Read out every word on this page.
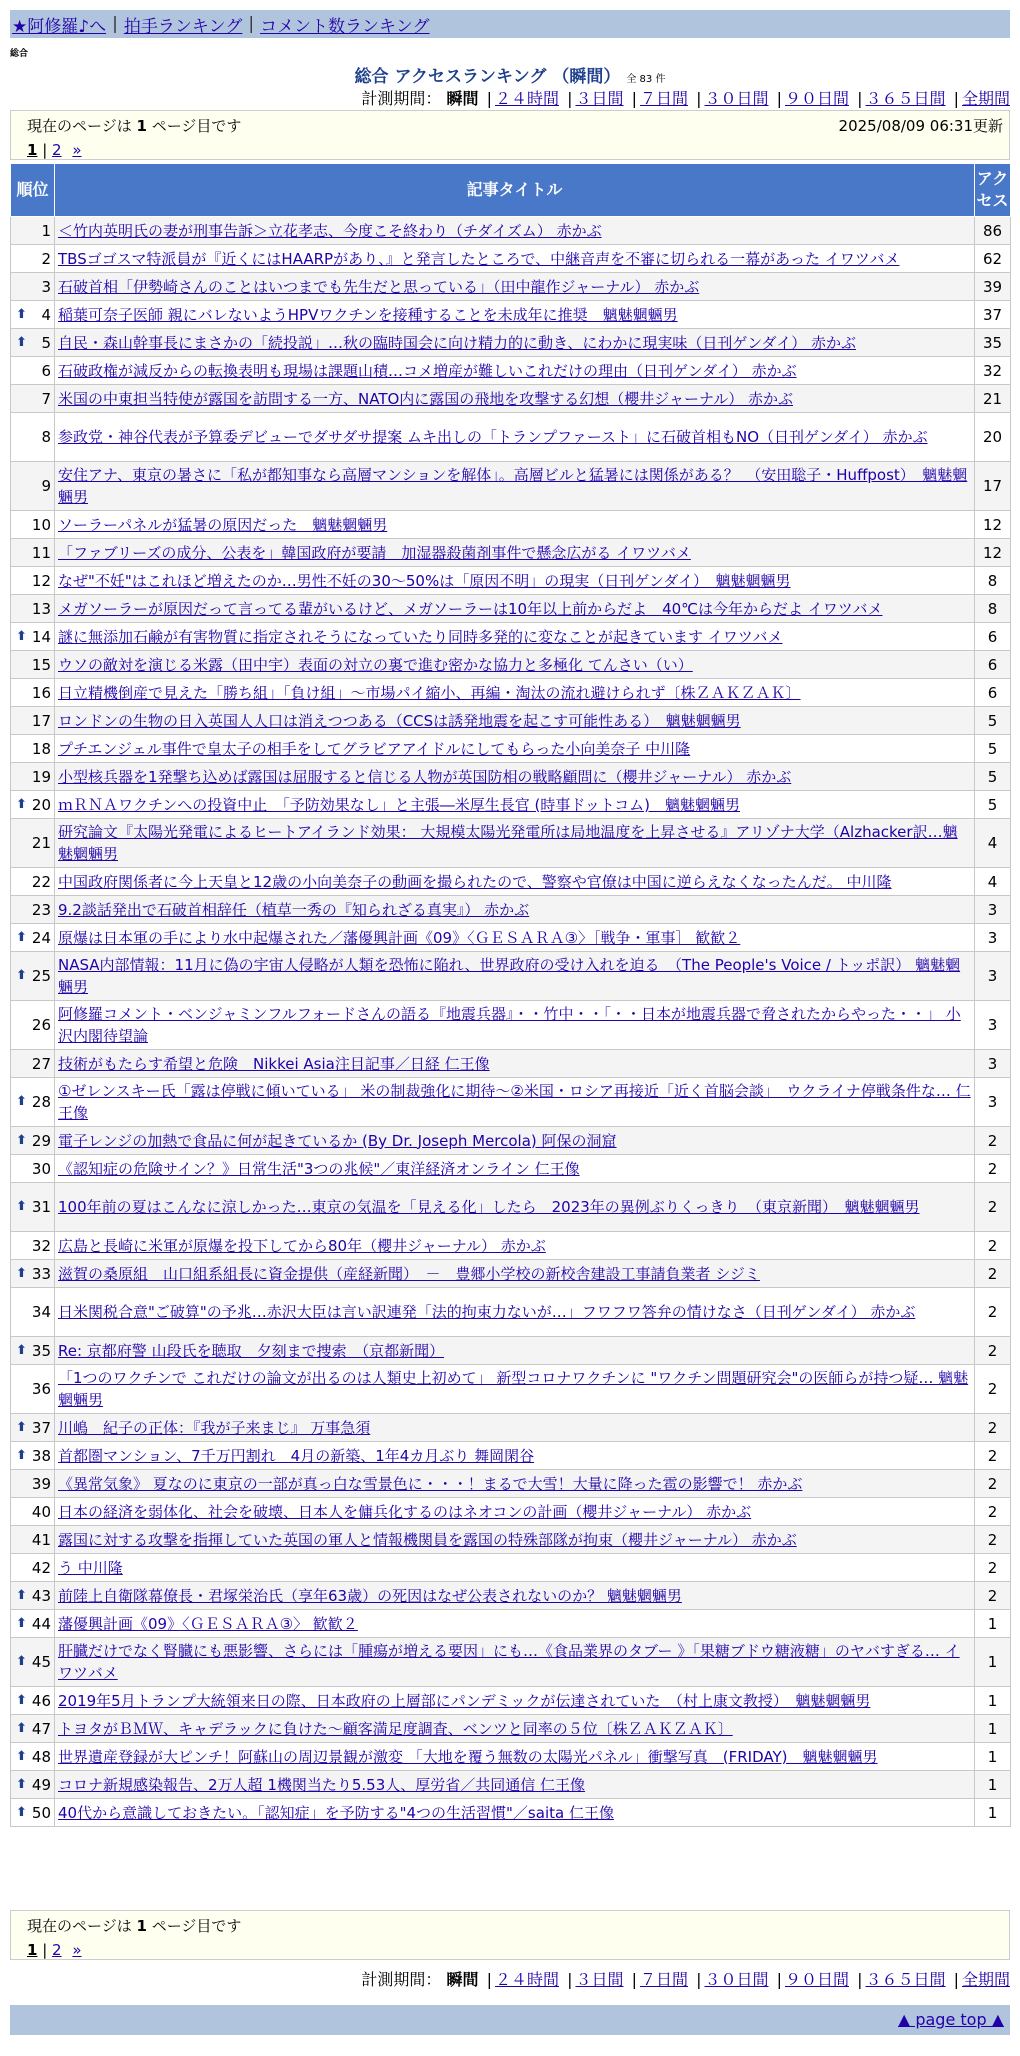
★阿修羅♪へ | 拍手ランキング | コメント数ランキング
総合
総合 アクセスランキング （瞬間） 全 83 件
計測期間： 瞬間 | ２４時間 | ３日間 | ７日間 | ３０日間 | ９０日間 | ３６５日間 | 全期間
現在のページは 1 ページ目です	2025/08/09 06:31更新
1 | 2 »
順位	記事タイトル	アクセス
1	＜竹内英明氏の妻が刑事告訴＞立花孝志、今度こそ終わり（チダイズム） 赤かぶ	86
2	TBSゴゴスマ特派員が『近くにはHAARPがあり、』と発言したところで、中継音声を不審に切られる一幕があった イワツバメ	62
3	石破首相「伊勢崎さんのことはいつまでも先生だと思っている」（田中龍作ジャーナル） 赤かぶ	39

⬆ 4	稲葉可奈子医師 親にバレないようHPVワクチンを接種することを未成年に推奨　魑魅魍魎男	37

⬆ 5	自民・森山幹事長にまさかの「続投説」…秋の臨時国会に向け精力的に動き、にわかに現実味（日刊ゲンダイ） 赤かぶ	35
6	石破政権が減反からの転換表明も現場は課題山積…コメ増産が難しいこれだけの理由（日刊ゲンダイ） 赤かぶ	32
7	米国の中東担当特使が露国を訪問する一方、NATO内に露国の飛地を攻撃する幻想（櫻井ジャーナル） 赤かぶ	21
8	参政党・神谷代表が予算委デビューでダサダサ提案 ムキ出しの「トランプファースト」に石破首相もNO（日刊ゲンダイ） 赤かぶ	20
9	安住アナ、東京の暑さに「私が都知事なら高層マンションを解体」。高層ビルと猛暑には関係がある？　（安田聡子・Huffpost）　魑魅魍魎男	17
10	ソーラーパネルが猛暑の原因だった　魑魅魍魎男	12
11	「ファブリーズの成分、公表を」韓国政府が要請　加湿器殺菌剤事件で懸念広がる イワツバメ	12
12	なぜ"不妊"はこれほど増えたのか…男性不妊の30～50%は「原因不明」の現実（日刊ゲンダイ）　魑魅魍魎男	8
13	メガソーラーが原因だって言ってる輩がいるけど、メガソーラーは10年以上前からだよ　40℃は今年からだよ イワツバメ	8

⬆ 14	謎に無添加石鹸が有害物質に指定されそうになっていたり同時多発的に変なことが起きています イワツバメ	6
15	ウソの敵対を演じる米露（田中宇）表面の対立の裏で進む密かな協力と多極化 てんさい（い）	6
16	日立精機倒産で見えた「勝ち組」「負け組」～市場パイ縮小、再編・淘汰の流れ避けられず〔株ＺＡＫＺＡＫ〕	6
17	ロンドンの生物の日入英国人人口は消えつつある（CCSは誘発地震を起こす可能性ある）　魑魅魍魎男	5
18	プチエンジェル事件で皇太子の相手をしてグラビアアイドルにしてもらった小向美奈子 中川隆	5
19	小型核兵器を1発撃ち込めば露国は屈服すると信じる人物が英国防相の戦略顧問に（櫻井ジャーナル） 赤かぶ	5

⬆ 20	ｍＲＮＡワクチンへの投資中止　「予防効果なし」と主張―米厚生長官 (時事ドットコム)　魑魅魍魎男	5
21	研究論文『太陽光発電によるヒートアイランド効果： 大規模太陽光発電所は局地温度を上昇させる』アリゾナ大学（Alzhacker訳…魑魅魍魎男	4
22	中国政府関係者に今上天皇と12歳の小向美奈子の動画を撮られたので、警察や官僚は中国に逆らえなくなったんだ。 中川隆	4
23	9.2談話発出で石破首相辞任（植草一秀の『知られざる真実』） 赤かぶ	3

⬆ 24	原爆は日本軍の手により水中起爆された／藩優興計画《09》〈ＧＥＳＡＲＡ③〉［戦争・軍事］ 歓歓２	3

⬆ 25	NASA内部情報：11月に偽の宇宙人侵略が人類を恐怖に陥れ、世界政府の受け入れを迫る　（The People's Voice / トッポ訳） 魑魅魍魎男	3
26	阿修羅コメント・ベンジャミンフルフォードさんの語る『地震兵器』・・竹中・・「・・日本が地震兵器で脅されたからやった・・」 小沢内閣待望論	3
27	技術がもたらす希望と危険　Nikkei Asia注目記事／日経 仁王像	3

⬆ 28	①ゼレンスキー氏「露は停戦に傾いている」 米の制裁強化に期待～②米国・ロシア再接近「近く首脳会談」　ウクライナ停戦条件な… 仁王像	3

⬆ 29	電子レンジの加熱で食品に何が起きているか (By Dr. Joseph Mercola) 阿保の洞窟	2
30	《認知症の危険サイン？》日常生活"3つの兆候"／東洋経済オンライン 仁王像	2

⬆ 31	100年前の夏はこんなに涼しかった…東京の気温を「見える化」したら　2023年の異例ぶりくっきり　（東京新聞）　魑魅魍魎男	2
32	広島と長崎に米軍が原爆を投下してから80年（櫻井ジャーナル） 赤かぶ	2

⬆ 33	滋賀の桑原組　山口組系組長に資金提供（産経新聞）　－　豊郷小学校の新校舎建設工事請負業者 シジミ	2
34	日米関税合意"ご破算"の予兆…赤沢大臣は言い訳連発「法的拘束力ないが…」フワフワ答弁の情けなさ（日刊ゲンダイ） 赤かぶ	2

⬆ 35	Re: 京都府警 山段氏を聴取　夕刻まで捜索　（京都新聞）	2
36	「1つのワクチンで これだけの論文が出るのは人類史上初めて」 新型コロナワクチンに "ワクチン問題研究会"の医師らが持つ疑… 魑魅魍魎男	2

⬆ 37	川嶋　紀子の正体：『我が子来まじ』 万事急須	2

⬆ 38	首都圏マンション、7千万円割れ　4月の新築、1年4カ月ぶり 舞岡閑谷	2
39	《異常気象》 夏なのに東京の一部が真っ白な雪景色に・・・！まるで大雪！大量に降った雹の影響で！ 赤かぶ	2
40	日本の経済を弱体化、社会を破壊、日本人を傭兵化するのはネオコンの計画（櫻井ジャーナル） 赤かぶ	2
41	露国に対する攻撃を指揮していた英国の軍人と情報機関員を露国の特殊部隊が拘束（櫻井ジャーナル） 赤かぶ	2
42	う 中川隆	2

⬆ 43	前陸上自衛隊幕僚長・君塚栄治氏（享年63歳）の死因はなぜ公表されないのか？ 魑魅魍魎男	2

⬆ 44	藩優興計画《09》〈ＧＥＳＡＲＡ③〉 歓歓２	1

⬆ 45	肝臓だけでなく腎臓にも悪影響、さらには「腫瘍が増える要因」にも…《食品業界のタブー 》「果糖ブドウ糖液糖」のヤバすぎる… イワツバメ	1

⬆ 46	2019年5月トランプ大統領来日の際、日本政府の上層部にパンデミックが伝達されていた　（村上康文教授）　魑魅魍魎男	1

⬆ 47	トヨタがＢＭＷ、キャデラックに負けた～顧客満足度調査、ベンツと同率の５位〔株ＺＡＫＺＡＫ〕	1

⬆ 48	世界遺産登録が大ピンチ！阿蘇山の周辺景観が激変 「大地を覆う無数の太陽光パネル」衝撃写真　(FRIDAY)　魑魅魍魎男	1

⬆ 49	コロナ新規感染報告、2万人超 1機関当たり5.53人、厚労省／共同通信 仁王像	1

⬆ 50	40代から意識しておきたい。「認知症」を予防する"4つの生活習慣"／saita 仁王像	1
現在のページは 1 ページ目です
1 | 2 »
計測期間： 瞬間 | ２４時間 | ３日間 | ７日間 | ３０日間 | ９０日間 | ３６５日間 | 全期間
▲ page top ▲
